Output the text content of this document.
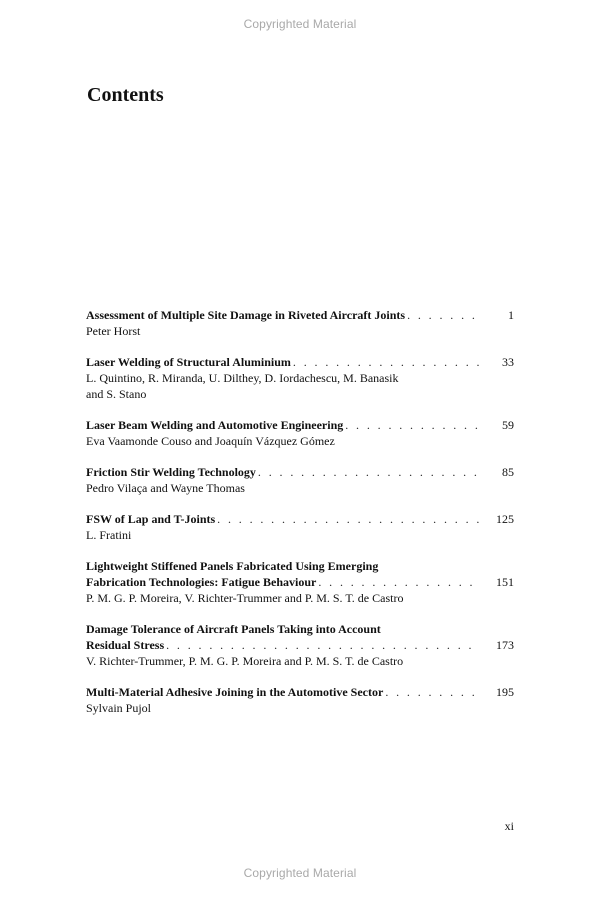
Copyrighted Material
Contents
Assessment of Multiple Site Damage in Riveted Aircraft Joints . . .	1
Peter Horst
Laser Welding of Structural Aluminium . . .	33
L. Quintino, R. Miranda, U. Dilthey, D. Iordachescu, M. Banasik
and S. Stano
Laser Beam Welding and Automotive Engineering . . .	59
Eva Vaamonde Couso and Joaquín Vázquez Gómez
Friction Stir Welding Technology . . .	85
Pedro Vilaça and Wayne Thomas
FSW of Lap and T-Joints . . .	125
L. Fratini
Lightweight Stiffened Panels Fabricated Using Emerging
Fabrication Technologies: Fatigue Behaviour . . .	151
P. M. G. P. Moreira, V. Richter-Trummer and P. M. S. T. de Castro
Damage Tolerance of Aircraft Panels Taking into Account
Residual Stress . . .	173
V. Richter-Trummer, P. M. G. P. Moreira and P. M. S. T. de Castro
Multi-Material Adhesive Joining in the Automotive Sector . . .	195
Sylvain Pujol
xi
Copyrighted Material
